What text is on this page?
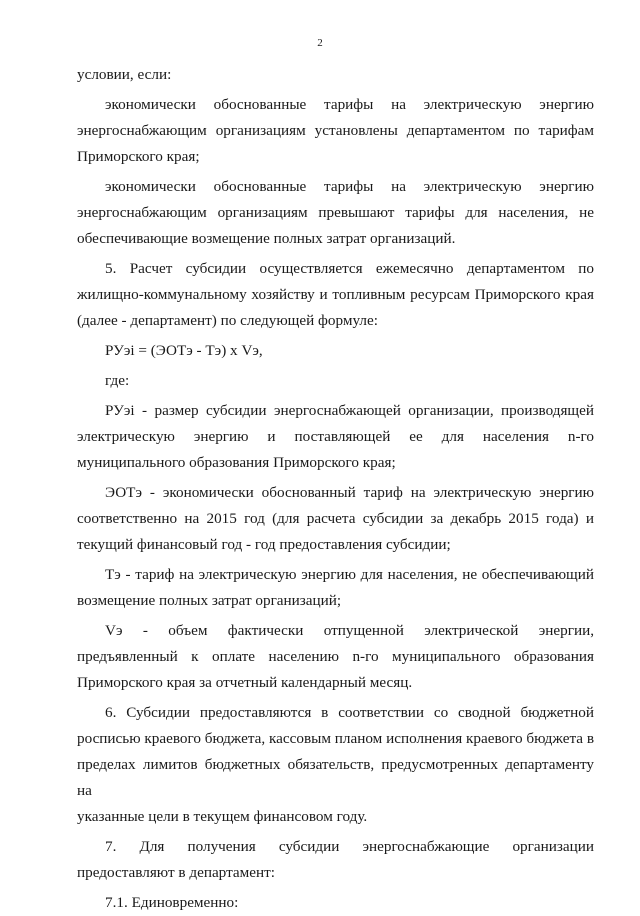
2
условии, если:
экономически обоснованные тарифы на электрическую энергию
энергоснабжающим организациям установлены департаментом по тарифам
Приморского края;
экономически обоснованные тарифы на электрическую энергию
энергоснабжающим организациям превышают тарифы для населения, не
обеспечивающие возмещение полных затрат организаций.
5. Расчет субсидии осуществляется ежемесячно департаментом по
жилищно-коммунальному хозяйству и топливным ресурсам Приморского края
(далее - департамент) по следующей формуле:
РУэi = (ЭОТэ - Тэ) х Vэ,
где:
РУэi - размер субсидии энергоснабжающей организации, производящей
электрическую энергию и поставляющей ее для населения n-го
муниципального образования Приморского края;
ЭОТэ - экономически обоснованный тариф на электрическую энергию
соответственно на 2015 год (для расчета субсидии за декабрь 2015 года) и
текущий финансовый год - год предоставления субсидии;
Тэ - тариф на электрическую энергию для населения, не обеспечивающий
возмещение полных затрат организаций;
Vэ - объем фактически отпущенной электрической энергии,
предъявленный к оплате населению n-го муниципального образования
Приморского края за отчетный календарный месяц.
6. Субсидии предоставляются в соответствии со сводной бюджетной
росписью краевого бюджета, кассовым планом исполнения краевого бюджета в
пределах лимитов бюджетных обязательств, предусмотренных департаменту на
указанные цели в текущем финансовом году.
7. Для получения субсидии энергоснабжающие организации
предоставляют в департамент:
7.1. Единовременно:
